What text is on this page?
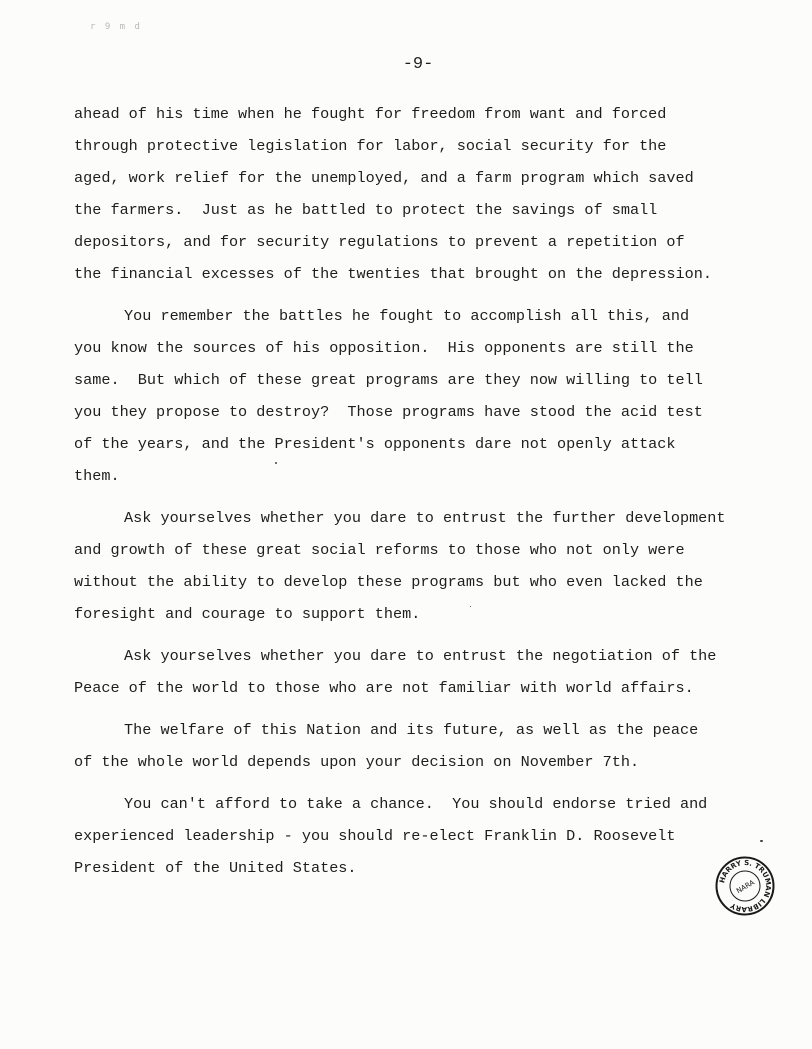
r 9 m d
-9-
ahead of his time when he fought for freedom from want and forced
through protective legislation for labor, social security for the
aged, work relief for the unemployed, and a farm program which saved
the farmers.  Just as he battled to protect the savings of small
depositors, and for security regulations to prevent a repetition of
the financial excesses of the twenties that brought on the depression.
You remember the battles he fought to accomplish all this, and
you know the sources of his opposition.  His opponents are still the
same.  But which of these great programs are they now willing to tell
you they propose to destroy?  Those programs have stood the acid test
of the years, and the President's opponents dare not openly attack
them.
Ask yourselves whether you dare to entrust the further development
and growth of these great social reforms to those who not only were
without the ability to develop these programs but who even lacked the
foresight and courage to support them.
Ask yourselves whether you dare to entrust the negotiation of the
Peace of the world to those who are not familiar with world affairs.
The welfare of this Nation and its future, as well as the peace
of the whole world depends upon your decision on November 7th.
You can't afford to take a chance.  You should endorse tried and
experienced leadership - you should re-elect Franklin D. Roosevelt
President of the United States.
HARRY S. TRUMAN LIBRARY
NARA
